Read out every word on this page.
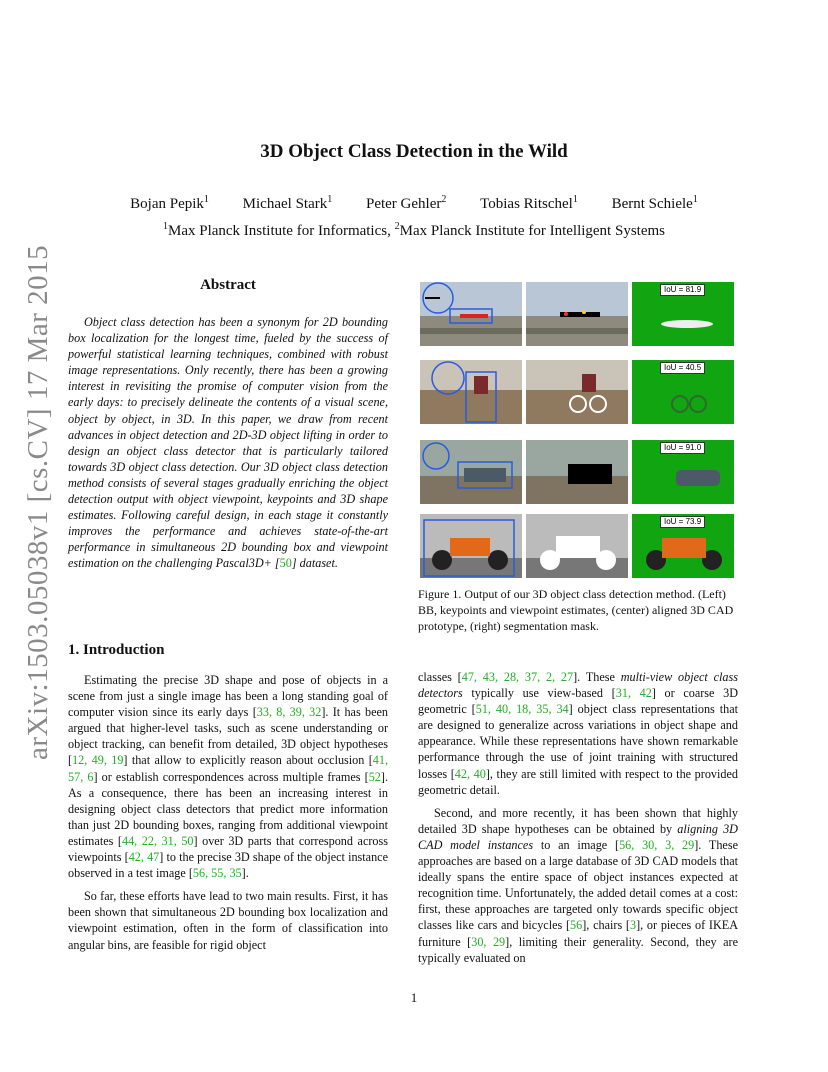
arXiv:1503.05038v1 [cs.CV] 17 Mar 2015
3D Object Class Detection in the Wild
Bojan Pepik$^1$ Michael Stark$^1$ Peter Gehler$^2$ Tobias Ritschel$^1$ Bernt Schiele$^1$
$^1$Max Planck Institute for Informatics, $^2$Max Planck Institute for Intelligent Systems
Abstract

Object class detection has been a synonym for 2D bounding box localization for the longest time, fueled by the success of powerful statistical learning techniques, combined with robust image representations. Only recently, there has been a growing interest in revisiting the promise of computer vision from the early days: to precisely delineate the contents of a visual scene, object by object, in 3D. In this paper, we draw from recent advances in object detection and 2D-3D object lifting in order to design an object class detector that is particularly tailored towards 3D object class detection. Our 3D object class detection method consists of several stages gradually enriching the object detection output with object viewpoint, keypoints and 3D shape estimates. Following careful design, in each stage it constantly improves the performance and achieves state-of-the-art performance in simultaneous 2D bounding box and viewpoint estimation on the challenging Pascal3D+ [50] dataset.

IoU = 81.9
IoU = 40.5
IoU = 91.0
IoU = 73.9

Figure 1. Output of our 3D object class detection method. (Left) BB, keypoints and viewpoint estimates, (center) aligned 3D CAD prototype, (right) segmentation mask.

1. Introduction

Estimating the precise 3D shape and pose of objects in a scene from just a single image has been a long standing goal of computer vision since its early days [33, 8, 39, 32]. It has been argued that higher-level tasks, such as scene understanding or object tracking, can benefit from detailed, 3D object hypotheses [12, 49, 19] that allow to explicitly reason about occlusion [41, 57, 6] or establish correspondences across multiple frames [52]. As a consequence, there has been an increasing interest in designing object class detectors that predict more information than just 2D bounding boxes, ranging from additional viewpoint estimates [44, 22, 31, 50] over 3D parts that correspond across viewpoints [42, 47] to the precise 3D shape of the object instance observed in a test image [56, 55, 35].

So far, these efforts have lead to two main results. First, it has been shown that simultaneous 2D bounding box localization and viewpoint estimation, often in the form of classification into angular bins, are feasible for rigid object

classes [47, 43, 28, 37, 2, 27]. These multi-view object class detectors typically use view-based [31, 42] or coarse 3D geometric [51, 40, 18, 35, 34] object class representations that are designed to generalize across variations in object shape and appearance. While these representations have shown remarkable performance through the use of joint training with structured losses [42, 40], they are still limited with respect to the provided geometric detail.

Second, and more recently, it has been shown that highly detailed 3D shape hypotheses can be obtained by aligning 3D CAD model instances to an image [56, 30, 3, 29]. These approaches are based on a large database of 3D CAD models that ideally spans the entire space of object instances expected at recognition time. Unfortunately, the added detail comes at a cost: first, these approaches are targeted only towards specific object classes like cars and bicycles [56], chairs [3], or pieces of IKEA furniture [30, 29], limiting their generality. Second, they are typically evaluated on

1
